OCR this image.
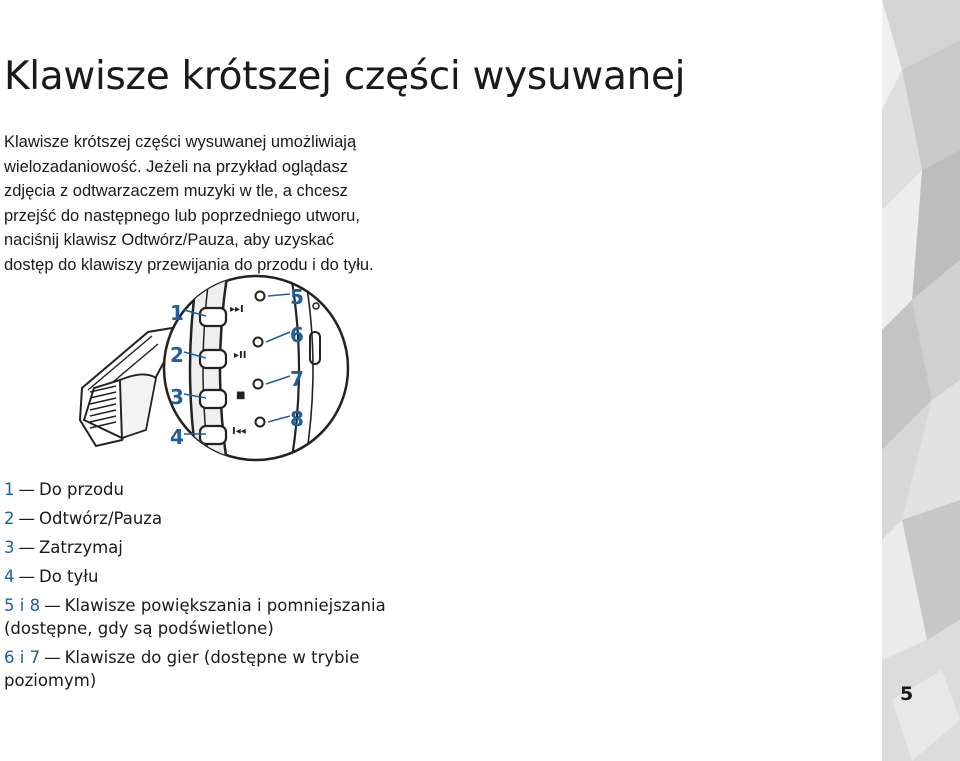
Klawisze krótszej części wysuwanej

Klawisze krótszej części wysuwanej umożliwiają
wielozadaniowość. Jeżeli na przykład oglądasz
zdjęcia z odtwarzaczem muzyki w tle, a chcesz
przejść do następnego lub poprzedniego utworu,
naciśnij klawisz Odtwórz/Pauza, aby uzyskać
dostęp do klawiszy przewijania do przodu i do tyłu.

▸▸I
▸II
■
I◂◂
1
2
3
4
5
6
7
8
1 — Do przodu
2 — Odtwórz/Pauza
3 — Zatrzymaj
4 — Do tyłu
5 i 8 — Klawisze powiększania i pomniejszania
(dostępne, gdy są podświetlone)
6 i 7 — Klawisze do gier (dostępne w trybie
poziomym)
5
